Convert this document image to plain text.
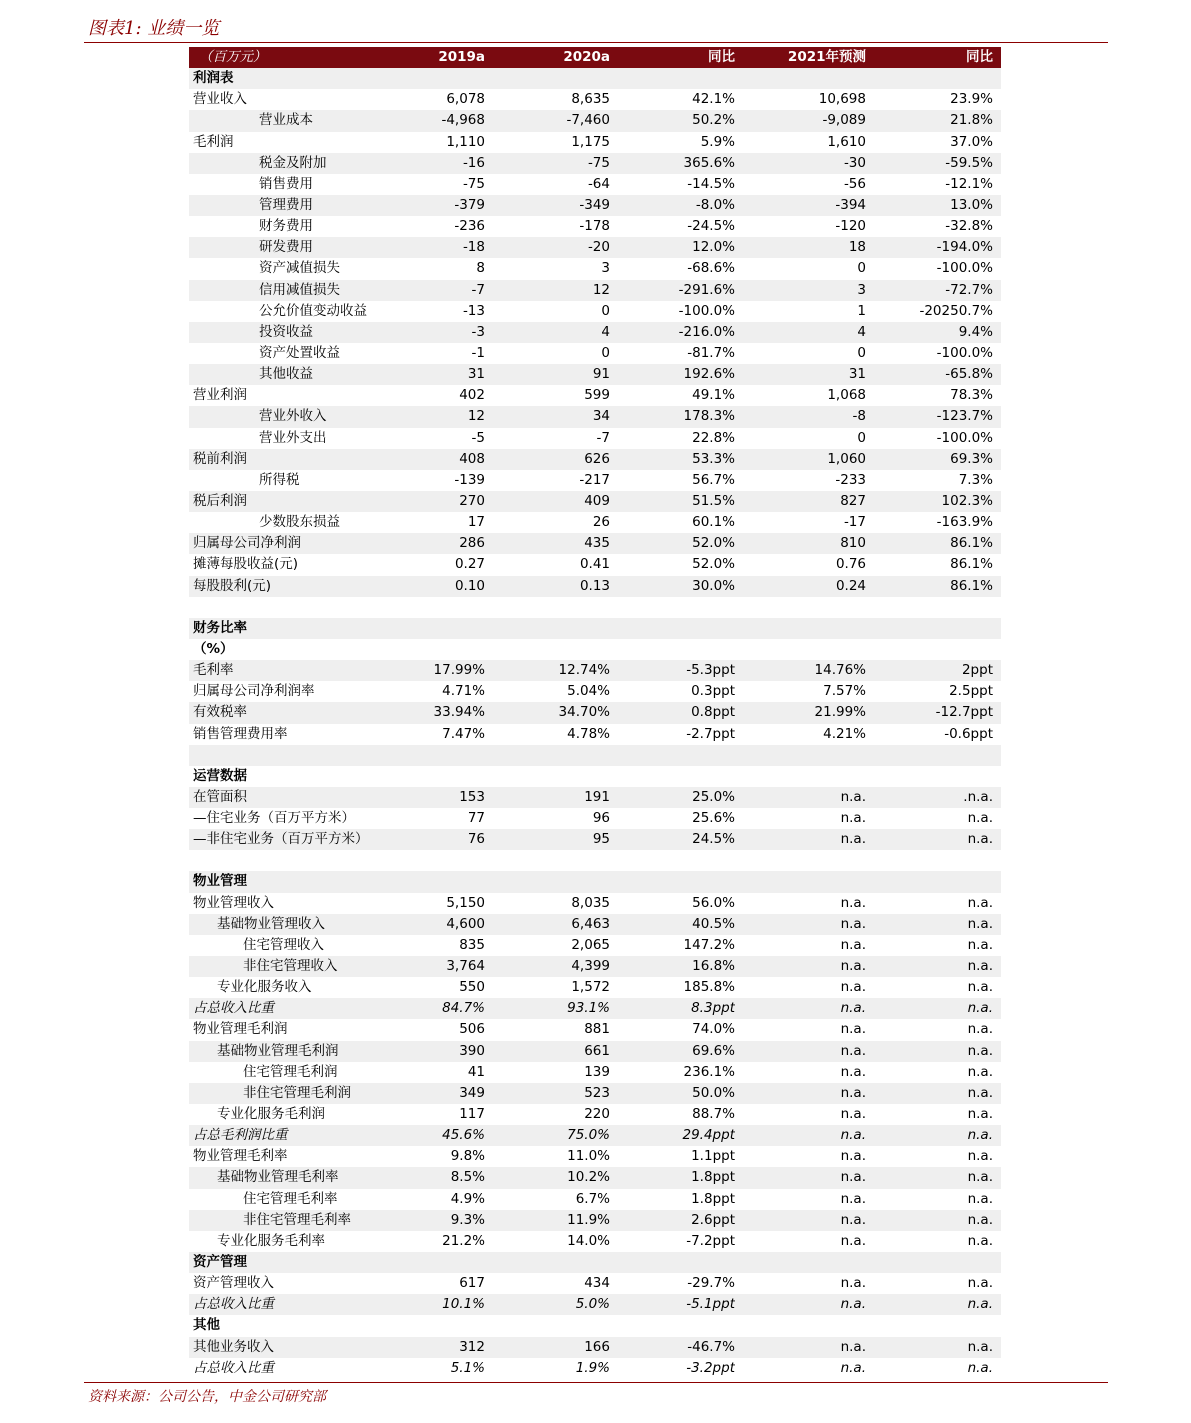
图表1: 业绩一览
（百万元）	2019a	2020a	同比	2021年预测	同比
利润表
营业收入	6,078	8,635	42.1%	10,698	23.9%
营业成本	-4,968	-7,460	50.2%	-9,089	21.8%
毛利润	1,110	1,175	5.9%	1,610	37.0%
税金及附加	-16	-75	365.6%	-30	-59.5%
销售费用	-75	-64	-14.5%	-56	-12.1%
管理费用	-379	-349	-8.0%	-394	13.0%
财务费用	-236	-178	-24.5%	-120	-32.8%
研发费用	-18	-20	12.0%	18	-194.0%
资产减值损失	8	3	-68.6%	0	-100.0%
信用减值损失	-7	12	-291.6%	3	-72.7%
公允价值变动收益	-13	0	-100.0%	1	-20250.7%
投资收益	-3	4	-216.0%	4	9.4%
资产处置收益	-1	0	-81.7%	0	-100.0%
其他收益	31	91	192.6%	31	-65.8%
营业利润	402	599	49.1%	1,068	78.3%
营业外收入	12	34	178.3%	-8	-123.7%
营业外支出	-5	-7	22.8%	0	-100.0%
税前利润	408	626	53.3%	1,060	69.3%
所得税	-139	-217	56.7%	-233	7.3%
税后利润	270	409	51.5%	827	102.3%
少数股东损益	17	26	60.1%	-17	-163.9%
归属母公司净利润	286	435	52.0%	810	86.1%
摊薄每股收益(元)	0.27	0.41	52.0%	0.76	86.1%
每股股利(元)	0.10	0.13	30.0%	0.24	86.1%
财务比率
（%）
毛利率	17.99%	12.74%	-5.3ppt	14.76%	2ppt
归属母公司净利润率	4.71%	5.04%	0.3ppt	7.57%	2.5ppt
有效税率	33.94%	34.70%	0.8ppt	21.99%	-12.7ppt
销售管理费用率	7.47%	4.78%	-2.7ppt	4.21%	-0.6ppt
运营数据
在管面积	153	191	25.0%	n.a.	.n.a.
—住宅业务（百万平方米）	77	96	25.6%	n.a.	n.a.
—非住宅业务（百万平方米）	76	95	24.5%	n.a.	n.a.
物业管理
物业管理收入	5,150	8,035	56.0%	n.a.	n.a.
基础物业管理收入	4,600	6,463	40.5%	n.a.	n.a.
住宅管理收入	835	2,065	147.2%	n.a.	n.a.
非住宅管理收入	3,764	4,399	16.8%	n.a.	n.a.
专业化服务收入	550	1,572	185.8%	n.a.	n.a.
占总收入比重	84.7%	93.1%	8.3ppt	n.a.	n.a.
物业管理毛利润	506	881	74.0%	n.a.	n.a.
基础物业管理毛利润	390	661	69.6%	n.a.	n.a.
住宅管理毛利润	41	139	236.1%	n.a.	n.a.
非住宅管理毛利润	349	523	50.0%	n.a.	n.a.
专业化服务毛利润	117	220	88.7%	n.a.	n.a.
占总毛利润比重	45.6%	75.0%	29.4ppt	n.a.	n.a.
物业管理毛利率	9.8%	11.0%	1.1ppt	n.a.	n.a.
基础物业管理毛利率	8.5%	10.2%	1.8ppt	n.a.	n.a.
住宅管理毛利率	4.9%	6.7%	1.8ppt	n.a.	n.a.
非住宅管理毛利率	9.3%	11.9%	2.6ppt	n.a.	n.a.
专业化服务毛利率	21.2%	14.0%	-7.2ppt	n.a.	n.a.
资产管理
资产管理收入	617	434	-29.7%	n.a.	n.a.
占总收入比重	10.1%	5.0%	-5.1ppt	n.a.	n.a.
其他
其他业务收入	312	166	-46.7%	n.a.	n.a.
占总收入比重	5.1%	1.9%	-3.2ppt	n.a.	n.a.
资料来源：公司公告，中金公司研究部
